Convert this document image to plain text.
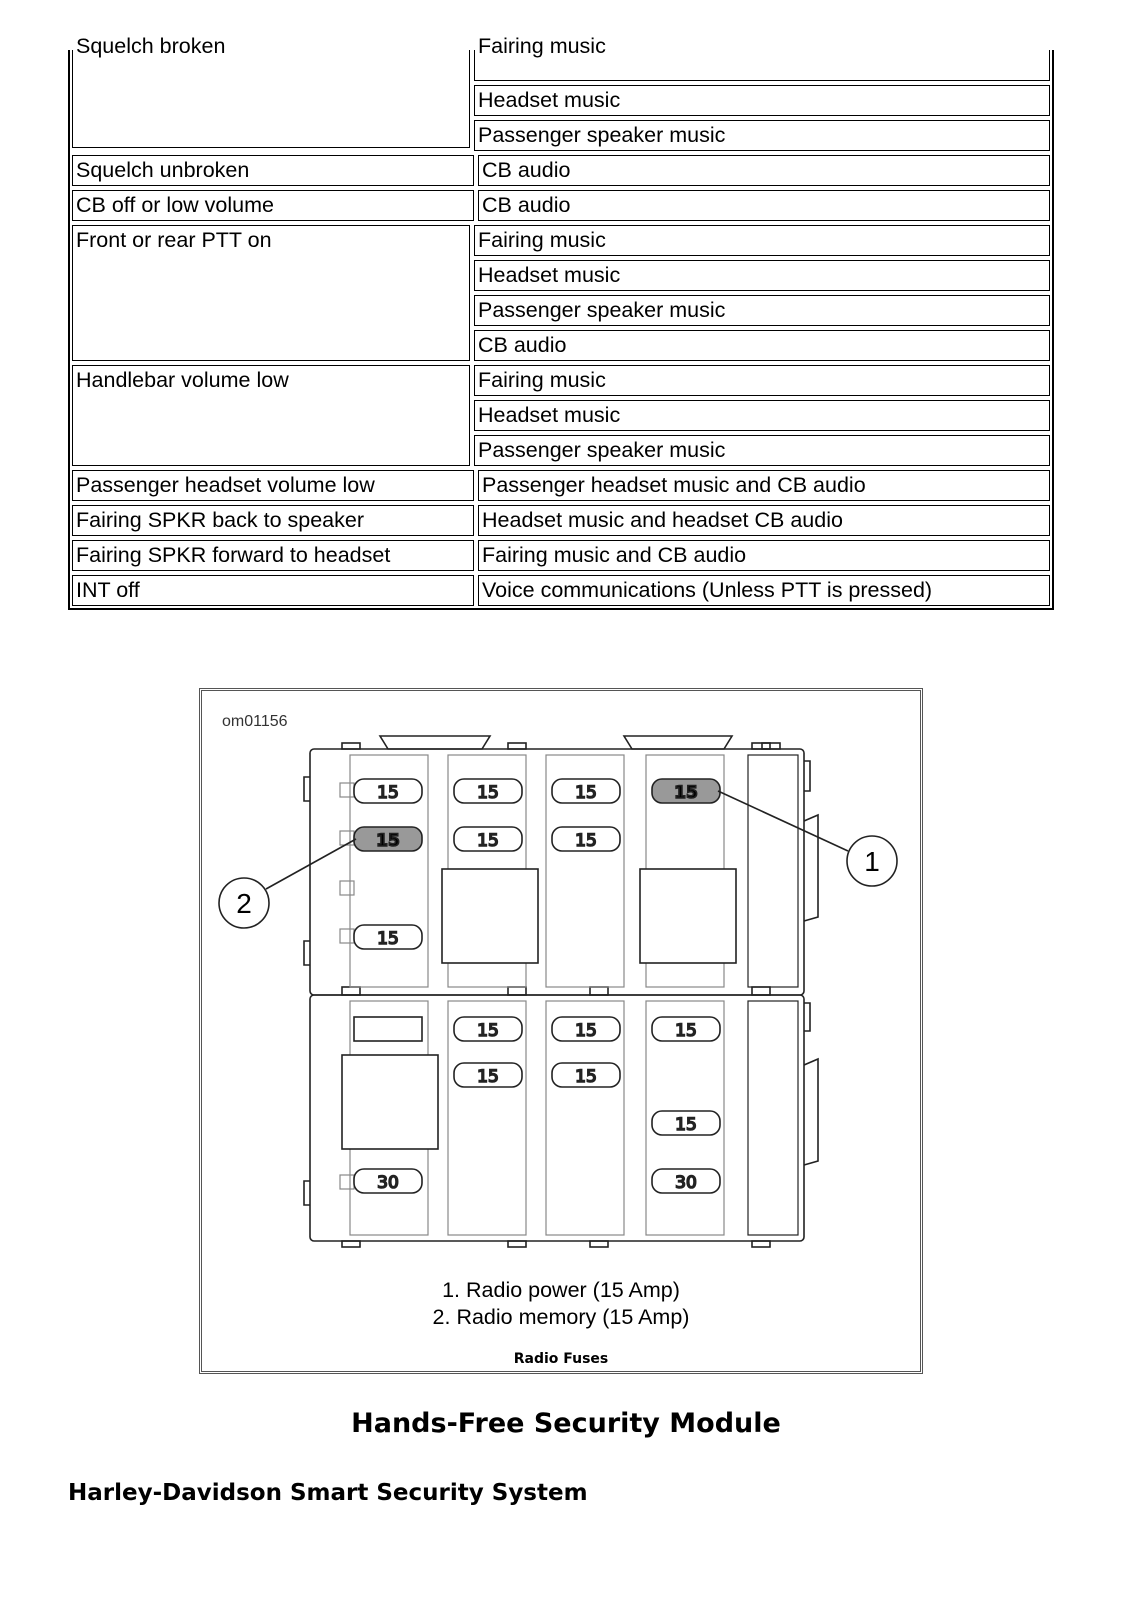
Squelch broken	Fairing music
Headset music
Passenger speaker music
Squelch unbroken	CB audio
CB off or low volume	CB audio
Front or rear PTT on	Fairing music
Headset music
Passenger speaker music
CB audio
Handlebar volume low	Fairing music
Headset music
Passenger speaker music
Passenger headset volume low	Passenger headset music and CB audio
Fairing SPKR back to speaker	Headset music and headset CB audio
Fairing SPKR forward to headset	Fairing music and CB audio
INT off	Voice communications (Unless PTT is pressed)
om01156
15	15	15	15
15	15	15
15
15	15	15
15	15
15
30	30
1
2
1. Radio power (15 Amp)
2. Radio memory (15 Amp)
Radio Fuses
Hands-Free Security Module
Harley-Davidson Smart Security System
